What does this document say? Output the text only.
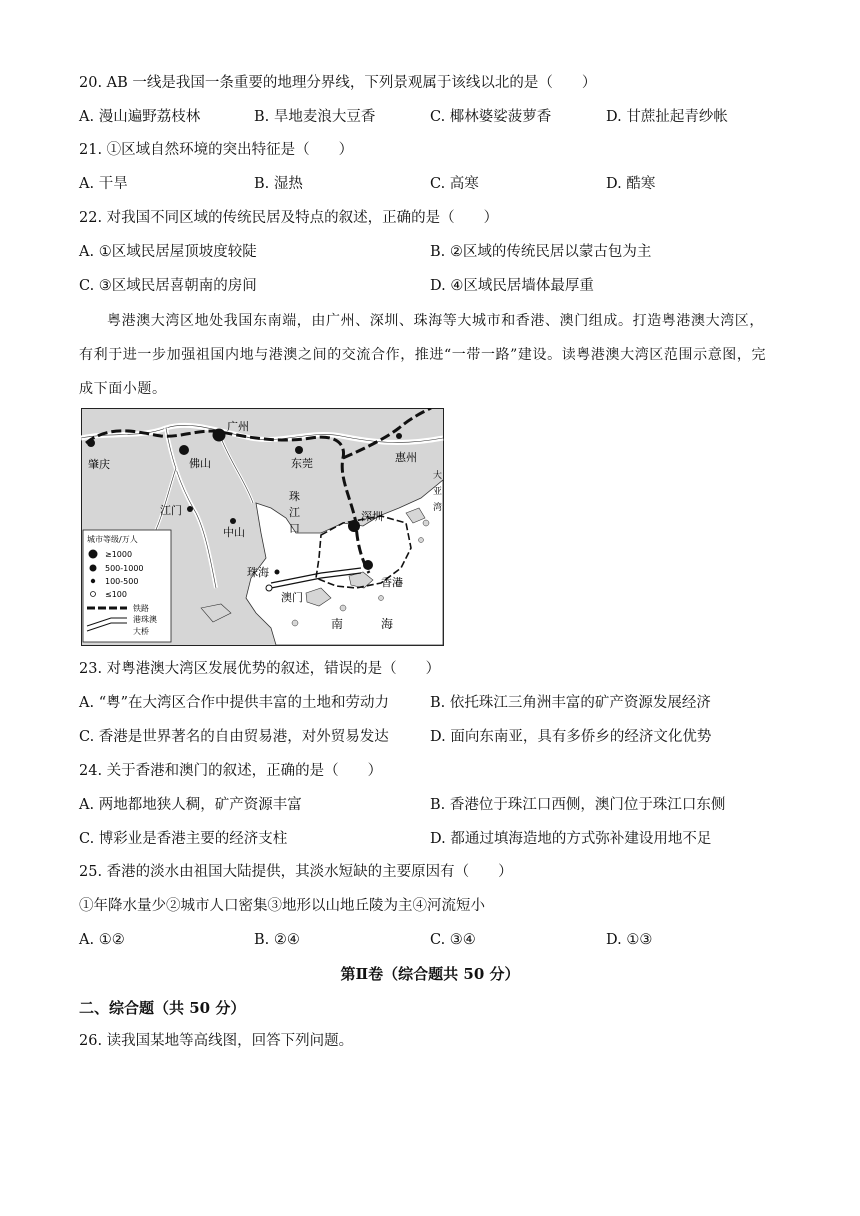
20. AB 一线是我国一条重要的地理分界线，下列景观属于该线以北的是（　　）
A. 漫山遍野荔枝林	B. 旱地麦浪大豆香	C. 椰林婆娑菠萝香	D. 甘蔗扯起青纱帐
21. ①区域自然环境的突出特征是（　　）
A. 干旱	B. 湿热	C. 高寒	D. 酷寒
22. 对我国不同区域的传统民居及特点的叙述，正确的是（　　）
A. ①区域民居屋顶坡度较陡	B. ②区域的传统民居以蒙古包为主
C. ③区域民居喜朝南的房间	D. ④区域民居墙体最厚重
粤港澳大湾区地处我国东南端，由广州、深圳、珠海等大城市和香港、澳门组成。打造粤港澳大湾区，
有利于进一步加强祖国内地与港澳之间的交流合作，推进“一带一路”建设。读粤港澳大湾区范围示意图，完
成下面小题。
广州
佛山
肇庆	东莞	惠州
江门
中山
深圳
珠海
澳门
香港
珠
江
口
南	海
大
亚
湾
城市等级/万人
≥1000
500-1000
100-500
≤100
铁路
港珠澳
大桥
23. 对粤港澳大湾区发展优势的叙述，错误的是（　　）
A. “粤”在大湾区合作中提供丰富的土地和劳动力	B. 依托珠江三角洲丰富的矿产资源发展经济
C. 香港是世界著名的自由贸易港，对外贸易发达	D. 面向东南亚，具有多侨乡的经济文化优势
24. 关于香港和澳门的叙述，正确的是（　　）
A. 两地都地狭人稠，矿产资源丰富	B. 香港位于珠江口西侧，澳门位于珠江口东侧
C. 博彩业是香港主要的经济支柱	D. 都通过填海造地的方式弥补建设用地不足
25. 香港的淡水由祖国大陆提供，其淡水短缺的主要原因有（　　）
①年降水量少②城市人口密集③地形以山地丘陵为主④河流短小
A. ①②	B. ②④	C. ③④	D. ①③
第Ⅱ卷（综合题共 50 分）
二、综合题（共 50 分）
26. 读我国某地等高线图，回答下列问题。
